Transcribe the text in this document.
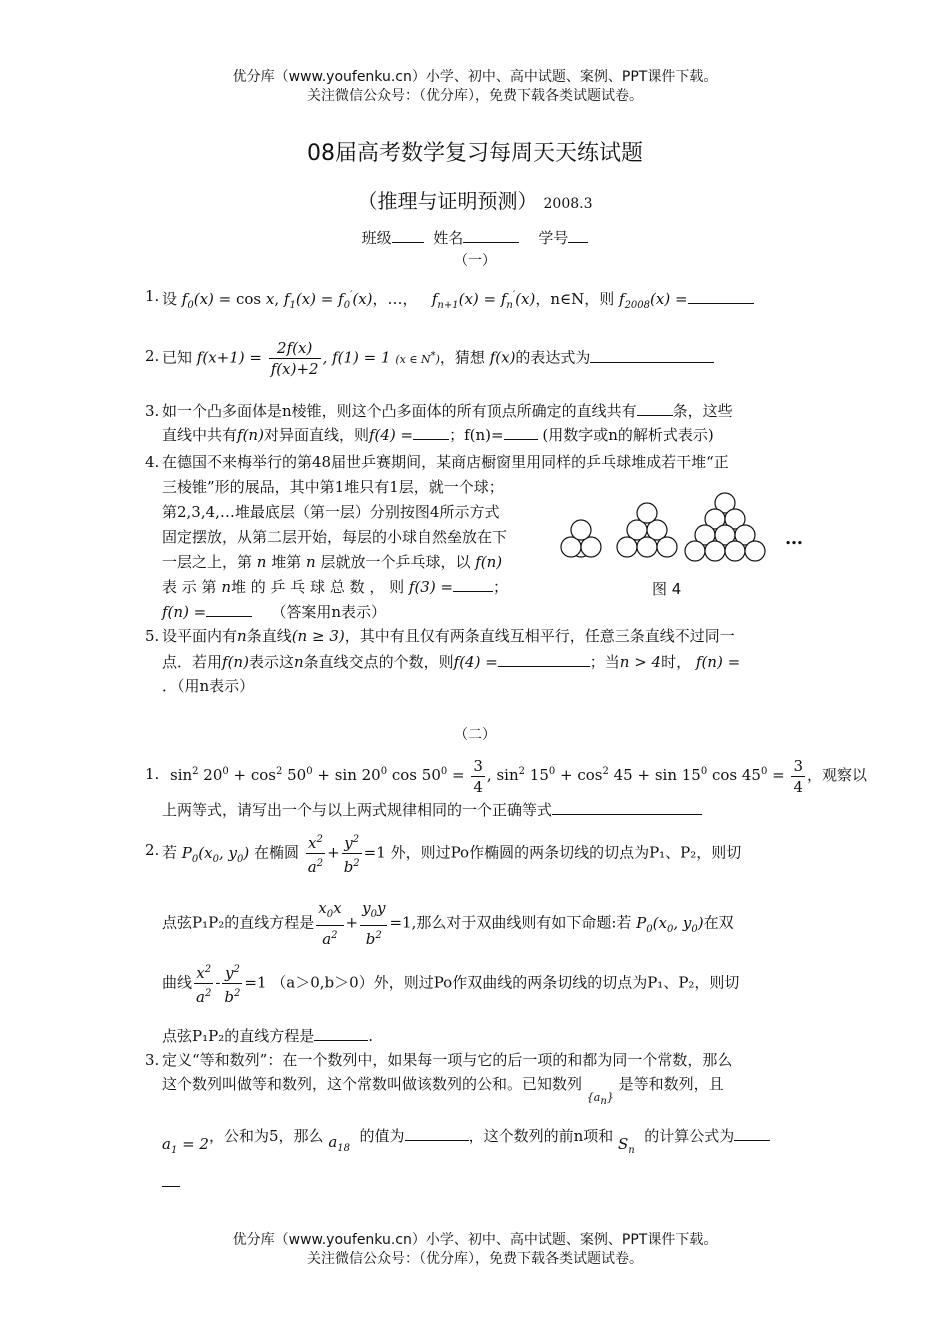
优分库（www.youfenku.cn）小学、初中、高中试题、案例、PPT课件下载。
关注微信公众号：（优分库），免费下载各类试题试卷。
08届高考数学复习每周天天练试题
（推理与证明预测） 2008.3
班级	姓名	学号
（一）
1. 设 $f_0(x) = \cos x$, $f_1(x) = f_0'(x)$，…， $f_{n+1}(x) = f_n'(x)$，n∈N，则 $f_{2008}(x)$ =
2. 已知 $f(x+1) = \frac{2f(x)}{f(x)+2}$ , f(1) = 1 (x ∈ N*)，猜想 f(x)的表达式为
3. 如一个凸多面体是n棱锥，则这个凸多面体的所有顶点所确定的直线共有 条，这些
直线中共有f(n)对异面直线，则f(4) = ；f(n)=	(用数字或n的解析式表示)
4. 在德国不来梅举行的第48届世乒赛期间，某商店橱窗里用同样的乒乓球堆成若干堆“正
三棱锥”形的展品，其中第1堆只有1层，就一个球；
第2,3,4,…堆最底层（第一层）分别按图4所示方式
固定摆放，从第二层开始，每层的小球自然垒放在下
一层之上，第 n 堆第 n 层就放一个乒乓球，以 f(n)
表 示 第 n堆 的 乒 乓 球 总 数 ， 则 f(3) =	；
f(n) =	（答案用n表示）
…
图 4
5. 设平面内有n条直线(n ≥ 3)，其中有且仅有两条直线互相平行，任意三条直线不过同一
点．若用f(n)表示这n条直线交点的个数，则f(4) =	；当n > 4时， f(n) =
．（用n表示）
（二）
1. $\sin^2 20^0 + \cos^2 50^0 + \sin 20^0$ $\cos 50^0 = \frac{3}{4}$ , $\sin^2 15^0 + \cos^2 45 + \sin 15^0$ $\cos 45^0 = \frac{3}{4}$ ，观察以
上两等式，请写出一个与以上两式规律相同的一个正确等式
2. 若 $P_0(x_0$, $y_0$) 在椭圆 $\frac{x^2}{a^2} + \frac{y^2}{b^2} =1$ 外，则过Po作椭圆的两条切线的切点为P₁、P₂，则切
点弦P₁P₂的直线方程是 $\frac{x_0x}{a^2} + \frac{y_0y}{b^2} =1$,那么对于双曲线则有如下命题:若 $P_0(x_0$, $y_0$)在双
曲线 $\frac{x^2}{a^2} - \frac{y^2}{b^2} =1$ （a＞0,b＞0）外，则过Po作双曲线的两条切线的切点为P₁、P₂，则切
点弦P₁P₂的直线方程是	.
3. 定义“等和数列”：在一个数列中，如果每一项与它的后一项的和都为同一个常数，那么
这个数列叫做等和数列，这个常数叫做该数列的公和。已知数列 $_{\{a_n\}}$ 是等和数列，且
$a_1 = 2$，公和为5，那么 $a_{18}$  的值为	，这个数列的前n项和 $S_n$  的计算公式为
优分库（www.youfenku.cn）小学、初中、高中试题、案例、PPT课件下载。
关注微信公众号：（优分库），免费下载各类试题试卷。
